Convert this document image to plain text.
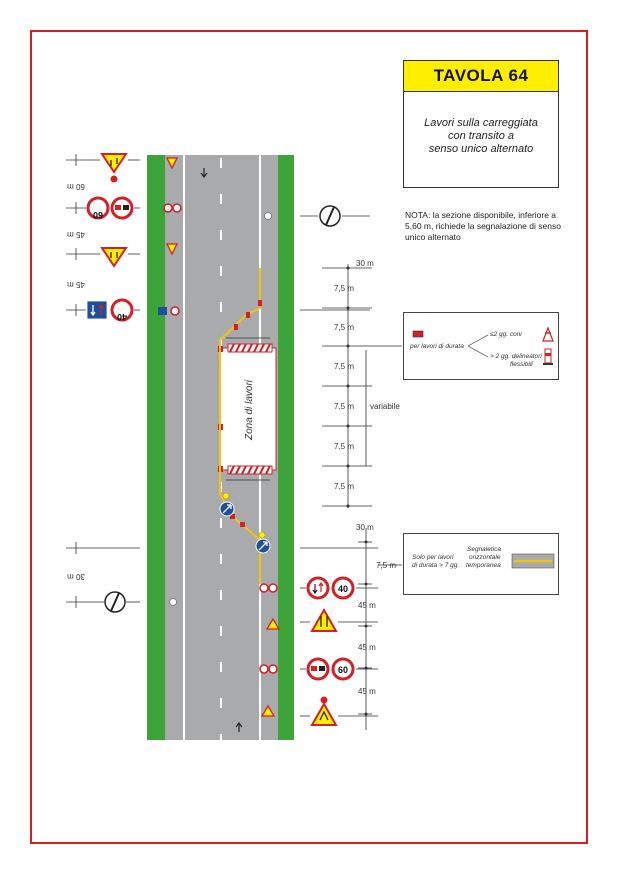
TAVOLA 64
Lavori sulla carreggiata
con transito a
senso unico alternato
NOTA: la sezione disponibile, inferiore a 5,60 m, richiede la segnalazione di senso unico alternato
per lavori di durata
≤2 gg. coni
> 2 gg. delineatori
flessibili
Solo per lavori
di durata > 7 gg.
Segnaletica
orizzontale
temporanea
Zona di lavori
60 m
45 m
45 m
30 m
60
40
30 m
7,5 m
7,5 m
7,5 m
7,5 m
7,5 m
7,5 m
variabile
30 m
7,5 m
45 m
45 m
45 m
40
60
